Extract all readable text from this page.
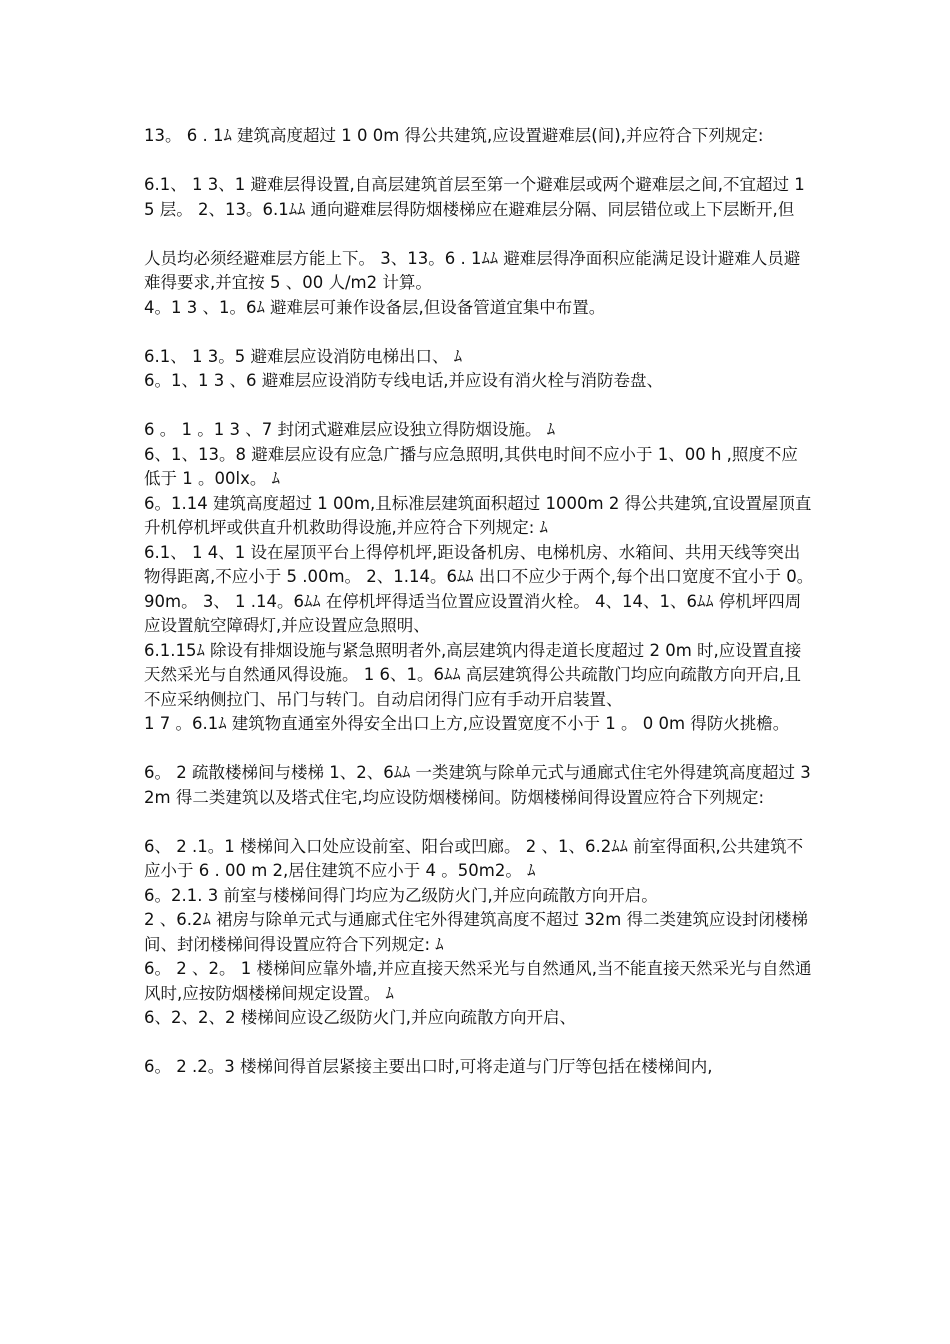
13。 6 . 1ﾑ 建筑高度超过 1 0 0m 得公共建筑,应设置避难层(间),并应符合下列规定:

6.1、 1 3、1 避难层得设置,自高层建筑首层至第一个避难层或两个避难层之间,不宜超过 1 5 层。 2、13。6.1ﾑﾑ 通向避难层得防烟楼梯应在避难层分隔、同层错位或上下层断开,但

人员均必须经避难层方能上下。 3、13。6 . 1ﾑﾑ 避难层得净面积应能满足设计避难人员避难得要求,并宜按 5 、00 人/m2 计算。

4。1 3 、1。6ﾑ 避难层可兼作设备层,但设备管道宜集中布置。

6.1、 1 3。5 避难层应设消防电梯出口、 ﾑ

6。1、1 3 、6 避难层应设消防专线电话,并应设有消火栓与消防卷盘、

6 。 1 。1 3 、7 封闭式避难层应设独立得防烟设施。 ﾑ

6、1、13。8 避难层应设有应急广播与应急照明,其供电时间不应小于 1、00 h ,照度不应低于 1 。00lx。 ﾑ

6。1.14 建筑高度超过 1 00m,且标准层建筑面积超过 1000m 2 得公共建筑,宜设置屋顶直升机停机坪或供直升机救助得设施,并应符合下列规定: ﾑ

6.1、 1 4、1 设在屋顶平台上得停机坪,距设备机房、电梯机房、水箱间、共用天线等突出物得距离,不应小于 5 .00m。 2、1.14。6ﾑﾑ 出口不应少于两个,每个出口宽度不宜小于 0。90m。 3、 1 .14。6ﾑﾑ 在停机坪得适当位置应设置消火栓。 4、14、1、6ﾑﾑ 停机坪四周应设置航空障碍灯,并应设置应急照明、

6.1.15ﾑ 除设有排烟设施与紧急照明者外,高层建筑内得走道长度超过 2 0m 时,应设置直接天然采光与自然通风得设施。 1 6、1。6ﾑﾑ 高层建筑得公共疏散门均应向疏散方向开启,且不应采纳侧拉门、吊门与转门。自动启闭得门应有手动开启装置、

1 7 。6.1ﾑ 建筑物直通室外得安全出口上方,应设置宽度不小于 1 。 0 0m 得防火挑檐。

6。 2 疏散楼梯间与楼梯 1、2、6ﾑﾑ 一类建筑与除单元式与通廊式住宅外得建筑高度超过 32m 得二类建筑以及塔式住宅,均应设防烟楼梯间。防烟楼梯间得设置应符合下列规定:

6、 2 .1。1 楼梯间入口处应设前室、阳台或凹廊。 2 、1、6.2ﾑﾑ 前室得面积,公共建筑不应小于 6 . 00 m 2,居住建筑不应小于 4 。50m2。 ﾑ

6。2.1. 3 前室与楼梯间得门均应为乙级防火门,并应向疏散方向开启。

2 、6.2ﾑ 裙房与除单元式与通廊式住宅外得建筑高度不超过 32m 得二类建筑应设封闭楼梯间、封闭楼梯间得设置应符合下列规定: ﾑ

6。 2 、2。 1 楼梯间应靠外墙,并应直接天然采光与自然通风,当不能直接天然采光与自然通风时,应按防烟楼梯间规定设置。 ﾑ

6、2、2、2 楼梯间应设乙级防火门,并应向疏散方向开启、

6。 2 .2。3 楼梯间得首层紧接主要出口时,可将走道与门厅等包括在楼梯间内,
